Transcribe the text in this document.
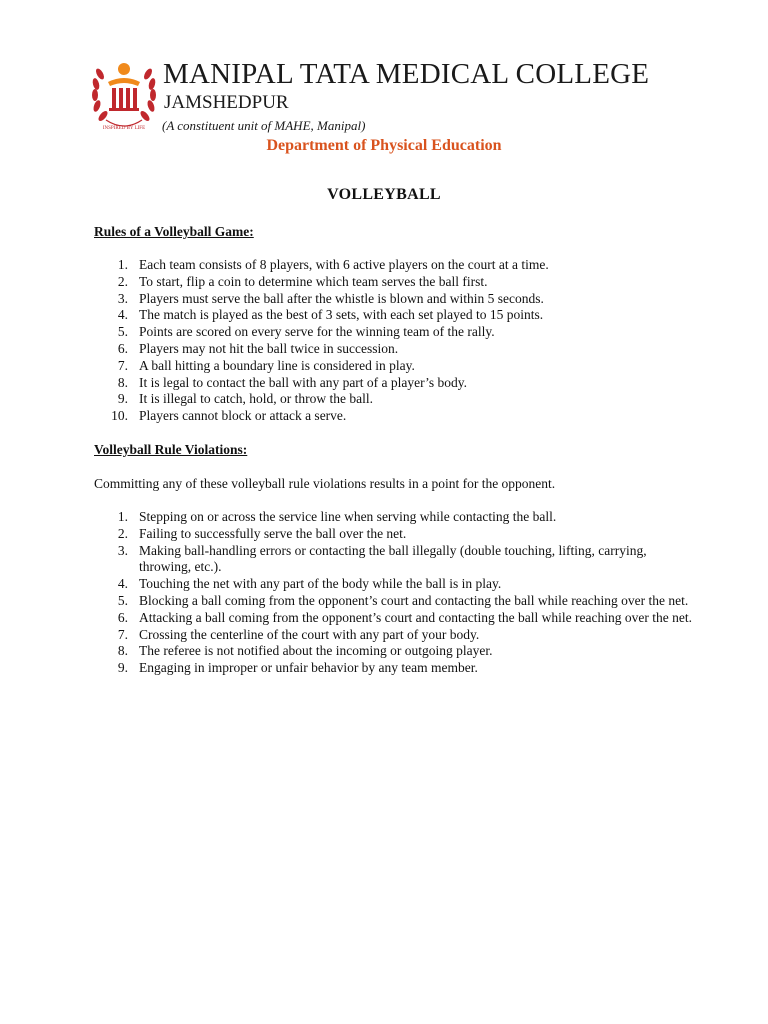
INSPIRED BY LIFE
MANIPAL TATA MEDICAL COLLEGE
JAMSHEDPUR
(A constituent unit of MAHE, Manipal)
Department of Physical Education
VOLLEYBALL
Rules of a Volleyball Game:
1. Each team consists of 8 players, with 6 active players on the court at a time.
2. To start, flip a coin to determine which team serves the ball first.
3. Players must serve the ball after the whistle is blown and within 5 seconds.
4. The match is played as the best of 3 sets, with each set played to 15 points.
5. Points are scored on every serve for the winning team of the rally.
6. Players may not hit the ball twice in succession.
7. A ball hitting a boundary line is considered in play.
8. It is legal to contact the ball with any part of a player’s body.
9. It is illegal to catch, hold, or throw the ball.
10. Players cannot block or attack a serve.
Volleyball Rule Violations:
Committing any of these volleyball rule violations results in a point for the opponent.
1. Stepping on or across the service line when serving while contacting the ball.
2. Failing to successfully serve the ball over the net.
3. Making ball-handling errors or contacting the ball illegally (double touching, lifting, carrying, throwing, etc.).
4. Touching the net with any part of the body while the ball is in play.
5. Blocking a ball coming from the opponent’s court and contacting the ball while reaching over the net.
6. Attacking a ball coming from the opponent’s court and contacting the ball while reaching over the net.
7. Crossing the centerline of the court with any part of your body.
8. The referee is not notified about the incoming or outgoing player.
9. Engaging in improper or unfair behavior by any team member.
